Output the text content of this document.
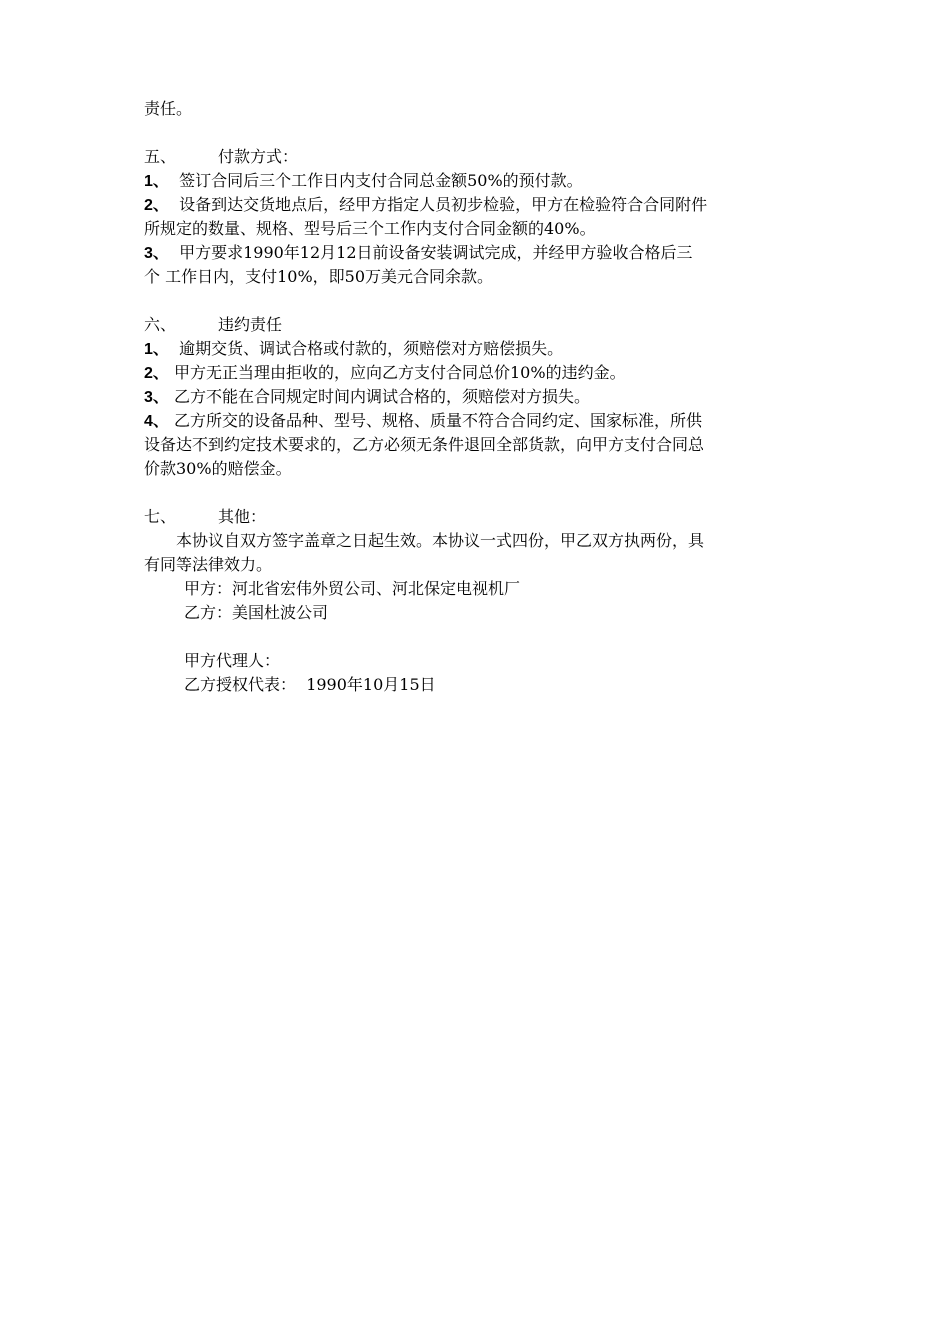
责任。
五、	付款方式：
1、 签订合同后三个工作日内支付合同总金额50%的预付款。
2、 设备到达交货地点后，经甲方指定人员初步检验，甲方在检验符合合同附件
所规定的数量、规格、型号后三个工作内支付合同金额的40%。
3、 甲方要求1990年12月12日前设备安装调试完成，并经甲方验收合格后三
个 工作日内，支付10%，即50万美元合同余款。
六、	违约责任
1、 逾期交货、调试合格或付款的，须赔偿对方赔偿损失。
2、 甲方无正当理由拒收的，应向乙方支付合同总价10%的违约金。
3、 乙方不能在合同规定时间内调试合格的，须赔偿对方损失。
4、 乙方所交的设备品种、型号、规格、质量不符合合同约定、国家标准，所供
设备达不到约定技术要求的，乙方必须无条件退回全部货款，向甲方支付合同总
价款30%的赔偿金。
七、	其他：
本协议自双方签字盖章之日起生效。本协议一式四份，甲乙双方执两份，具
有同等法律效力。
甲方：河北省宏伟外贸公司、河北保定电视机厂
乙方：美国杜波公司
甲方代理人：
乙方授权代表： 1990年10月15日
